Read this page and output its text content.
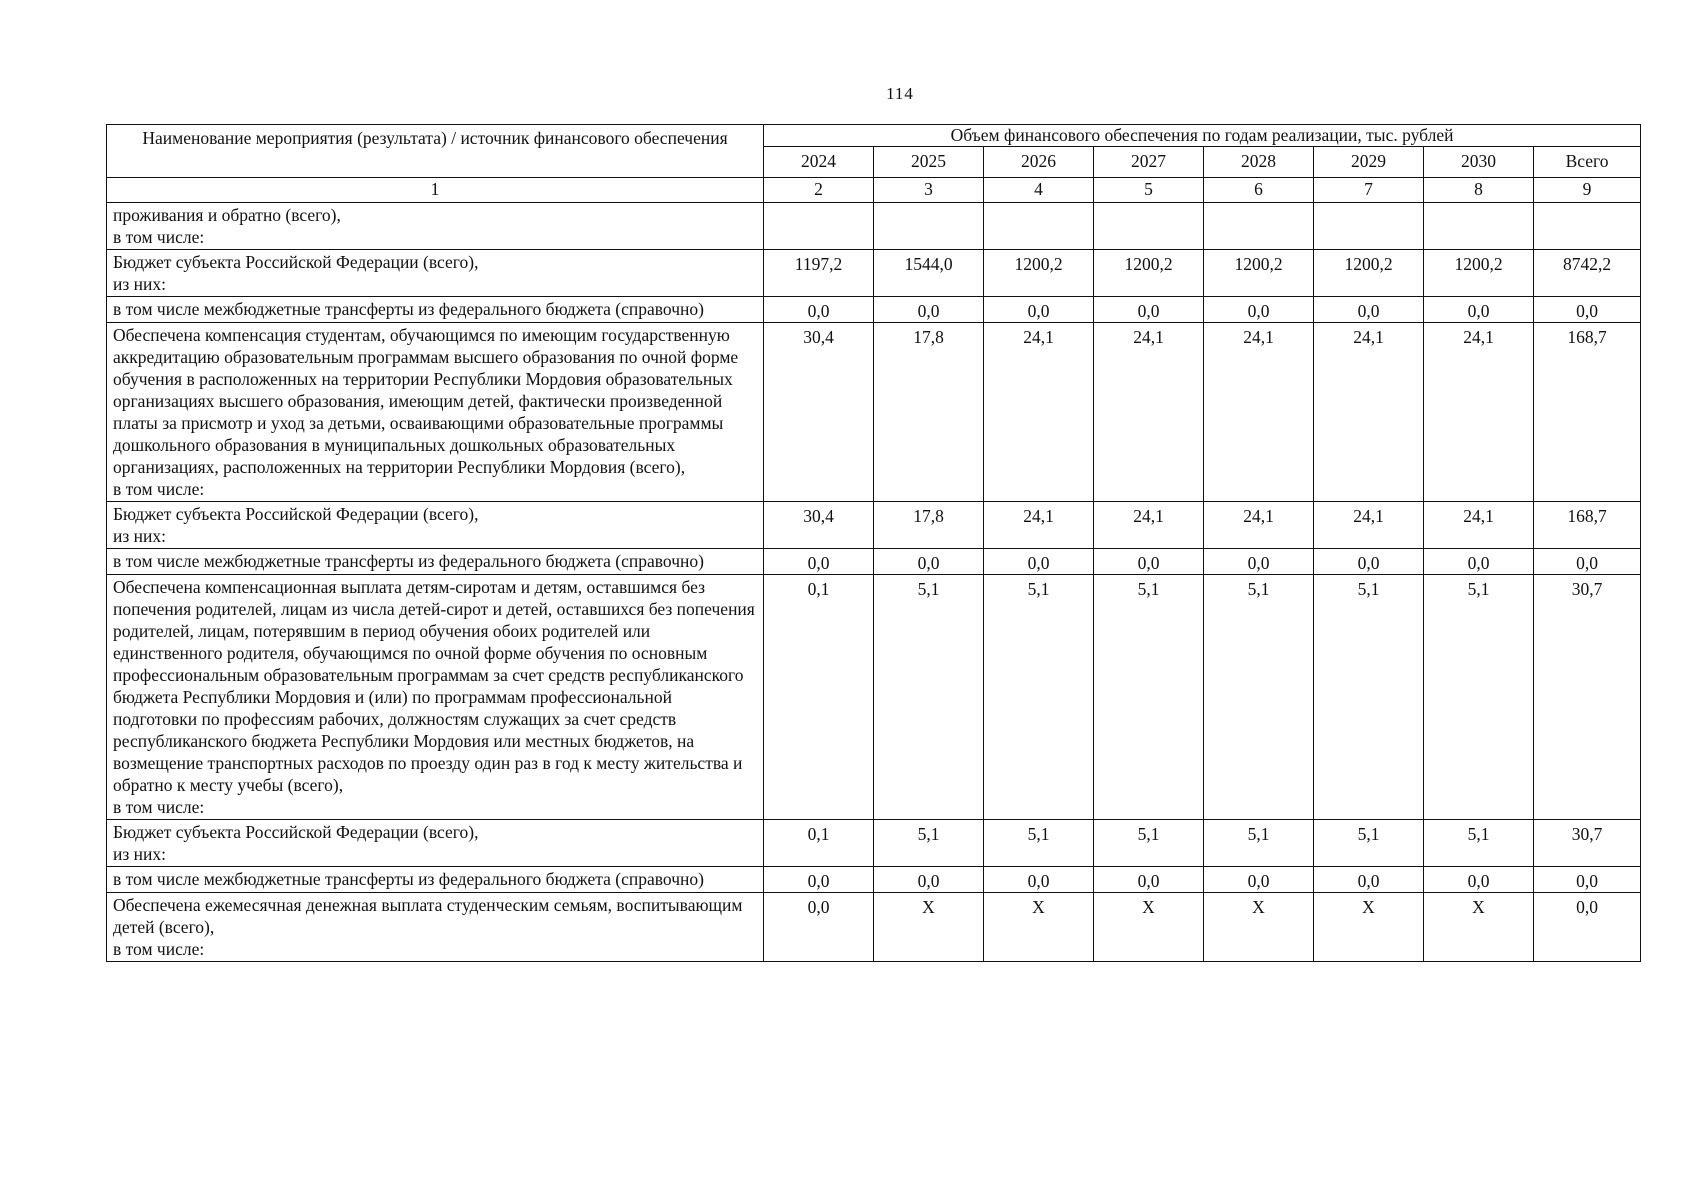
114
Наименование мероприятия (результата) / источник финансового обеспечения	Объем финансового обеспечения по годам реализации, тыс. рублей							
	2024	2025	2026	2027	2028	2029	2030	Всего
1	2	3	4	5	6	7	8	9
проживания и обратно (всего),
в том числе:								
Бюджет субъекта Российской Федерации (всего),
из них:	1197,2	1544,0	1200,2	1200,2	1200,2	1200,2	1200,2	8742,2
в том числе межбюджетные трансферты из федерального бюджета (справочно)	0,0	0,0	0,0	0,0	0,0	0,0	0,0	0,0
Обеспечена компенсация студентам, обучающимся по имеющим государственную аккредитацию образовательным программам высшего образования по очной форме обучения в расположенных на территории Республики Мордовия образовательных организациях высшего образования, имеющим детей, фактически произведенной платы за присмотр и уход за детьми, осваивающими образовательные программы дошкольного образования в муниципальных дошкольных образовательных организациях, расположенных на территории Республики Мордовия (всего),
в том числе:	30,4	17,8	24,1	24,1	24,1	24,1	24,1	168,7
Бюджет субъекта Российской Федерации (всего),
из них:	30,4	17,8	24,1	24,1	24,1	24,1	24,1	168,7
в том числе межбюджетные трансферты из федерального бюджета (справочно)	0,0	0,0	0,0	0,0	0,0	0,0	0,0	0,0
Обеспечена компенсационная выплата детям-сиротам и детям, оставшимся без попечения родителей, лицам из числа детей-сирот и детей, оставшихся без попечения родителей, лицам, потерявшим в период обучения обоих родителей или единственного родителя, обучающимся по очной форме обучения по основным профессиональным образовательным программам за счет средств республиканского бюджета Республики Мордовия и (или) по программам профессиональной подготовки по профессиям рабочих, должностям служащих за счет средств республиканского бюджета Республики Мордовия или местных бюджетов, на возмещение транспортных расходов по проезду один раз в год к месту жительства и обратно к месту учебы (всего),
в том числе:	0,1	5,1	5,1	5,1	5,1	5,1	5,1	30,7
Бюджет субъекта Российской Федерации (всего),
из них:	0,1	5,1	5,1	5,1	5,1	5,1	5,1	30,7
в том числе межбюджетные трансферты из федерального бюджета (справочно)	0,0	0,0	0,0	0,0	0,0	0,0	0,0	0,0
Обеспечена ежемесячная денежная выплата студенческим семьям, воспитывающим детей (всего),
в том числе:	0,0	Х	Х	Х	Х	Х	Х	0,0
